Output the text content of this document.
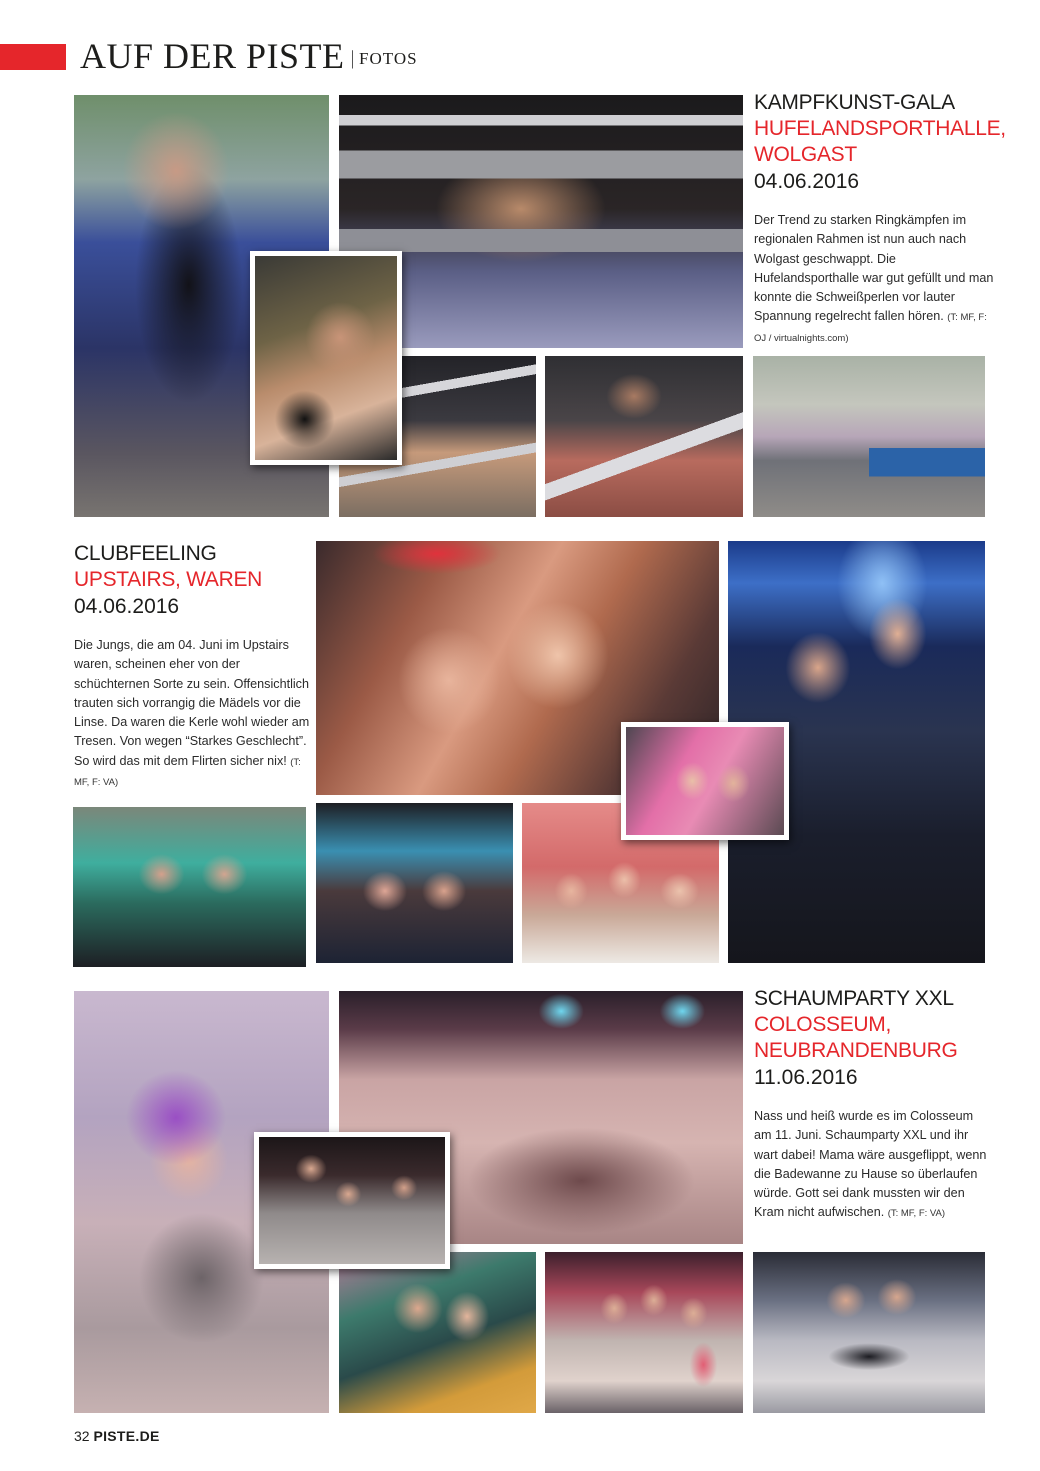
AUF DER PISTE | FOTOS
KAMPFKUNST-GALA
HUFELANDSPORTHALLE,
WOLGAST
04.06.2016
Der Trend zu starken Ringkämpfen im regionalen Rahmen ist nun auch nach Wolgast geschwappt. Die Hufelandsporthalle war gut gefüllt und man konnte die Schweißperlen vor lauter Spannung regelrecht fallen hören. (T: MF, F: OJ / virtualnights.com)
CLUBFEELING
UPSTAIRS, WAREN
04.06.2016
Die Jungs, die am 04. Juni im Upstairs waren, scheinen eher von der schüchternen Sorte zu sein. Offensichtlich trauten sich vorrangig die Mädels vor die Linse. Da waren die Kerle wohl wieder am Tresen. Von wegen “Starkes Geschlecht”. So wird das mit dem Flirten sicher nix! (T: MF, F: VA)
SCHAUMPARTY XXL
COLOSSEUM,
NEUBRANDENBURG
11.06.2016
Nass und heiß wurde es im Colosseum am 11. Juni. Schaumparty XXL und ihr wart dabei! Mama wäre ausgeflippt, wenn die Badewanne zu Hause so überlaufen würde. Gott sei dank mussten wir den Kram nicht aufwischen. (T: MF, F: VA)
32 PISTE.DE
